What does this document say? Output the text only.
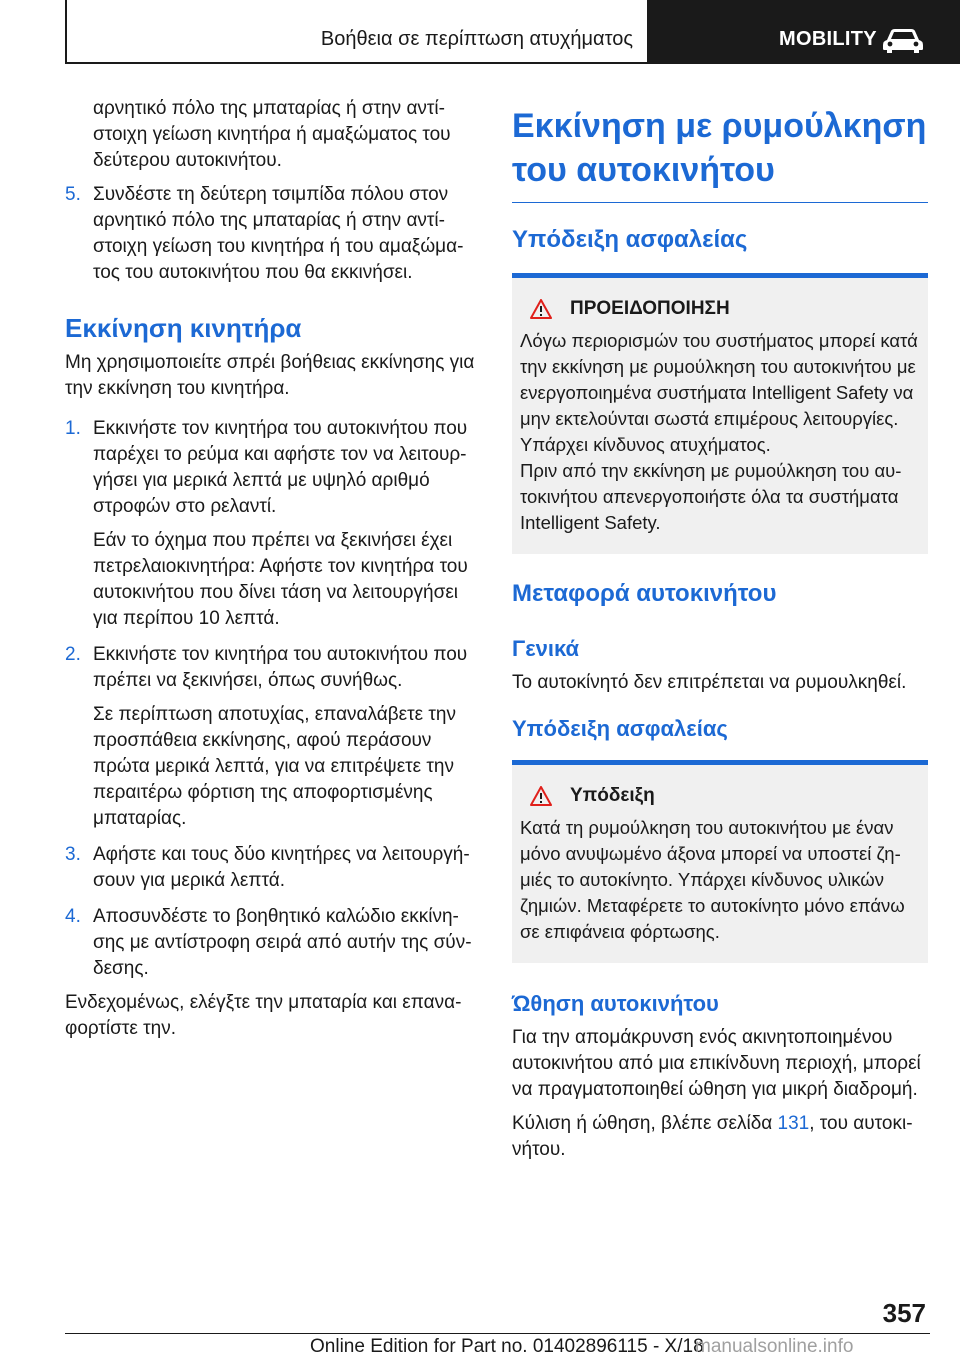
Βοήθεια σε περίπτωση ατυχήματος	MOBILITY

αρνητικό πόλο της μπαταρίας ή στην αντίστοιχη γείωση κινητήρα ή αμαξώματος του δεύτερου αυτοκινήτου.

5. Συνδέστε τη δεύτερη τσιμπίδα πόλου στον αρνητικό πόλο της μπαταρίας ή στην αντίστοιχη γείωση του κινητήρα ή του αμαξώματος του αυτοκινήτου που θα εκκινήσει.
Εκκίνηση κινητήρα

Μη χρησιμοποιείτε σπρέι βοήθειας εκκίνησης για την εκκίνηση του κινητήρα.

1. Εκκινήστε τον κινητήρα του αυτοκινήτου που παρέχει το ρεύμα και αφήστε τον να λειτουργήσει για μερικά λεπτά με υψηλό αριθμό στροφών στο ρελαντί.

Εάν το όχημα που πρέπει να ξεκινήσει έχει πετρελαιοκινητήρα: Αφήστε τον κινητήρα του αυτοκινήτου που δίνει τάση να λειτουργήσει για περίπου 10 λεπτά.

2. Εκκινήστε τον κινητήρα του αυτοκινήτου που πρέπει να ξεκινήσει, όπως συνήθως.

Σε περίπτωση αποτυχίας, επαναλάβετε την προσπάθεια εκκίνησης, αφού περάσουν πρώτα μερικά λεπτά, για να επιτρέψετε την περαιτέρω φόρτιση της αποφορτισμένης μπαταρίας.

3. Αφήστε και τους δύο κινητήρες να λειτουργήσουν για μερικά λεπτά.
4. Αποσυνδέστε το βοηθητικό καλώδιο εκκίνησης με αντίστροφη σειρά από αυτήν της σύνδεσης.

Ενδεχομένως, ελέγξτε την μπαταρία και επαναφορτίστε την.

Εκκίνηση με ρυμούλκηση του αυτοκινήτου
Υπόδειξη ασφαλείας
ΠΡΟΕΙΔΟΠΟΙΗΣΗ

Λόγω περιορισμών του συστήματος μπορεί κατά την εκκίνηση με ρυμούλκηση του αυτοκινήτου με ενεργοποιημένα συστήματα Intelligent Safety να μην εκτελούνται σωστά επιμέρους λειτουργίες. Υπάρχει κίνδυνος ατυχήματος.

Πριν από την εκκίνηση με ρυμούλκηση του αυτοκινήτου απενεργοποιήστε όλα τα συστήματα Intelligent Safety.

Μεταφορά αυτοκινήτου
Γενικά

Το αυτοκίνητό δεν επιτρέπεται να ρυμουλκηθεί.

Υπόδειξη ασφαλείας
Υπόδειξη

Κατά τη ρυμούλκηση του αυτοκινήτου με έναν μόνο ανυψωμένο άξονα μπορεί να υποστεί ζημιές το αυτοκίνητο. Υπάρχει κίνδυνος υλικών ζημιών. Μεταφέρετε το αυτοκίνητο μόνο επάνω σε επιφάνεια φόρτωσης.

Ώθηση αυτοκινήτου

Για την απομάκρυνση ενός ακινητοποιημένου αυτοκινήτου από μια επικίνδυνη περιοχή, μπορεί να πραγματοποιηθεί ώθηση για μικρή διαδρομή.

Κύλιση ή ώθηση, βλέπε σελίδα 131, του αυτοκινήτου.

357
Online Edition for Part no. 01402896115 - X/18
manualsonline.info
